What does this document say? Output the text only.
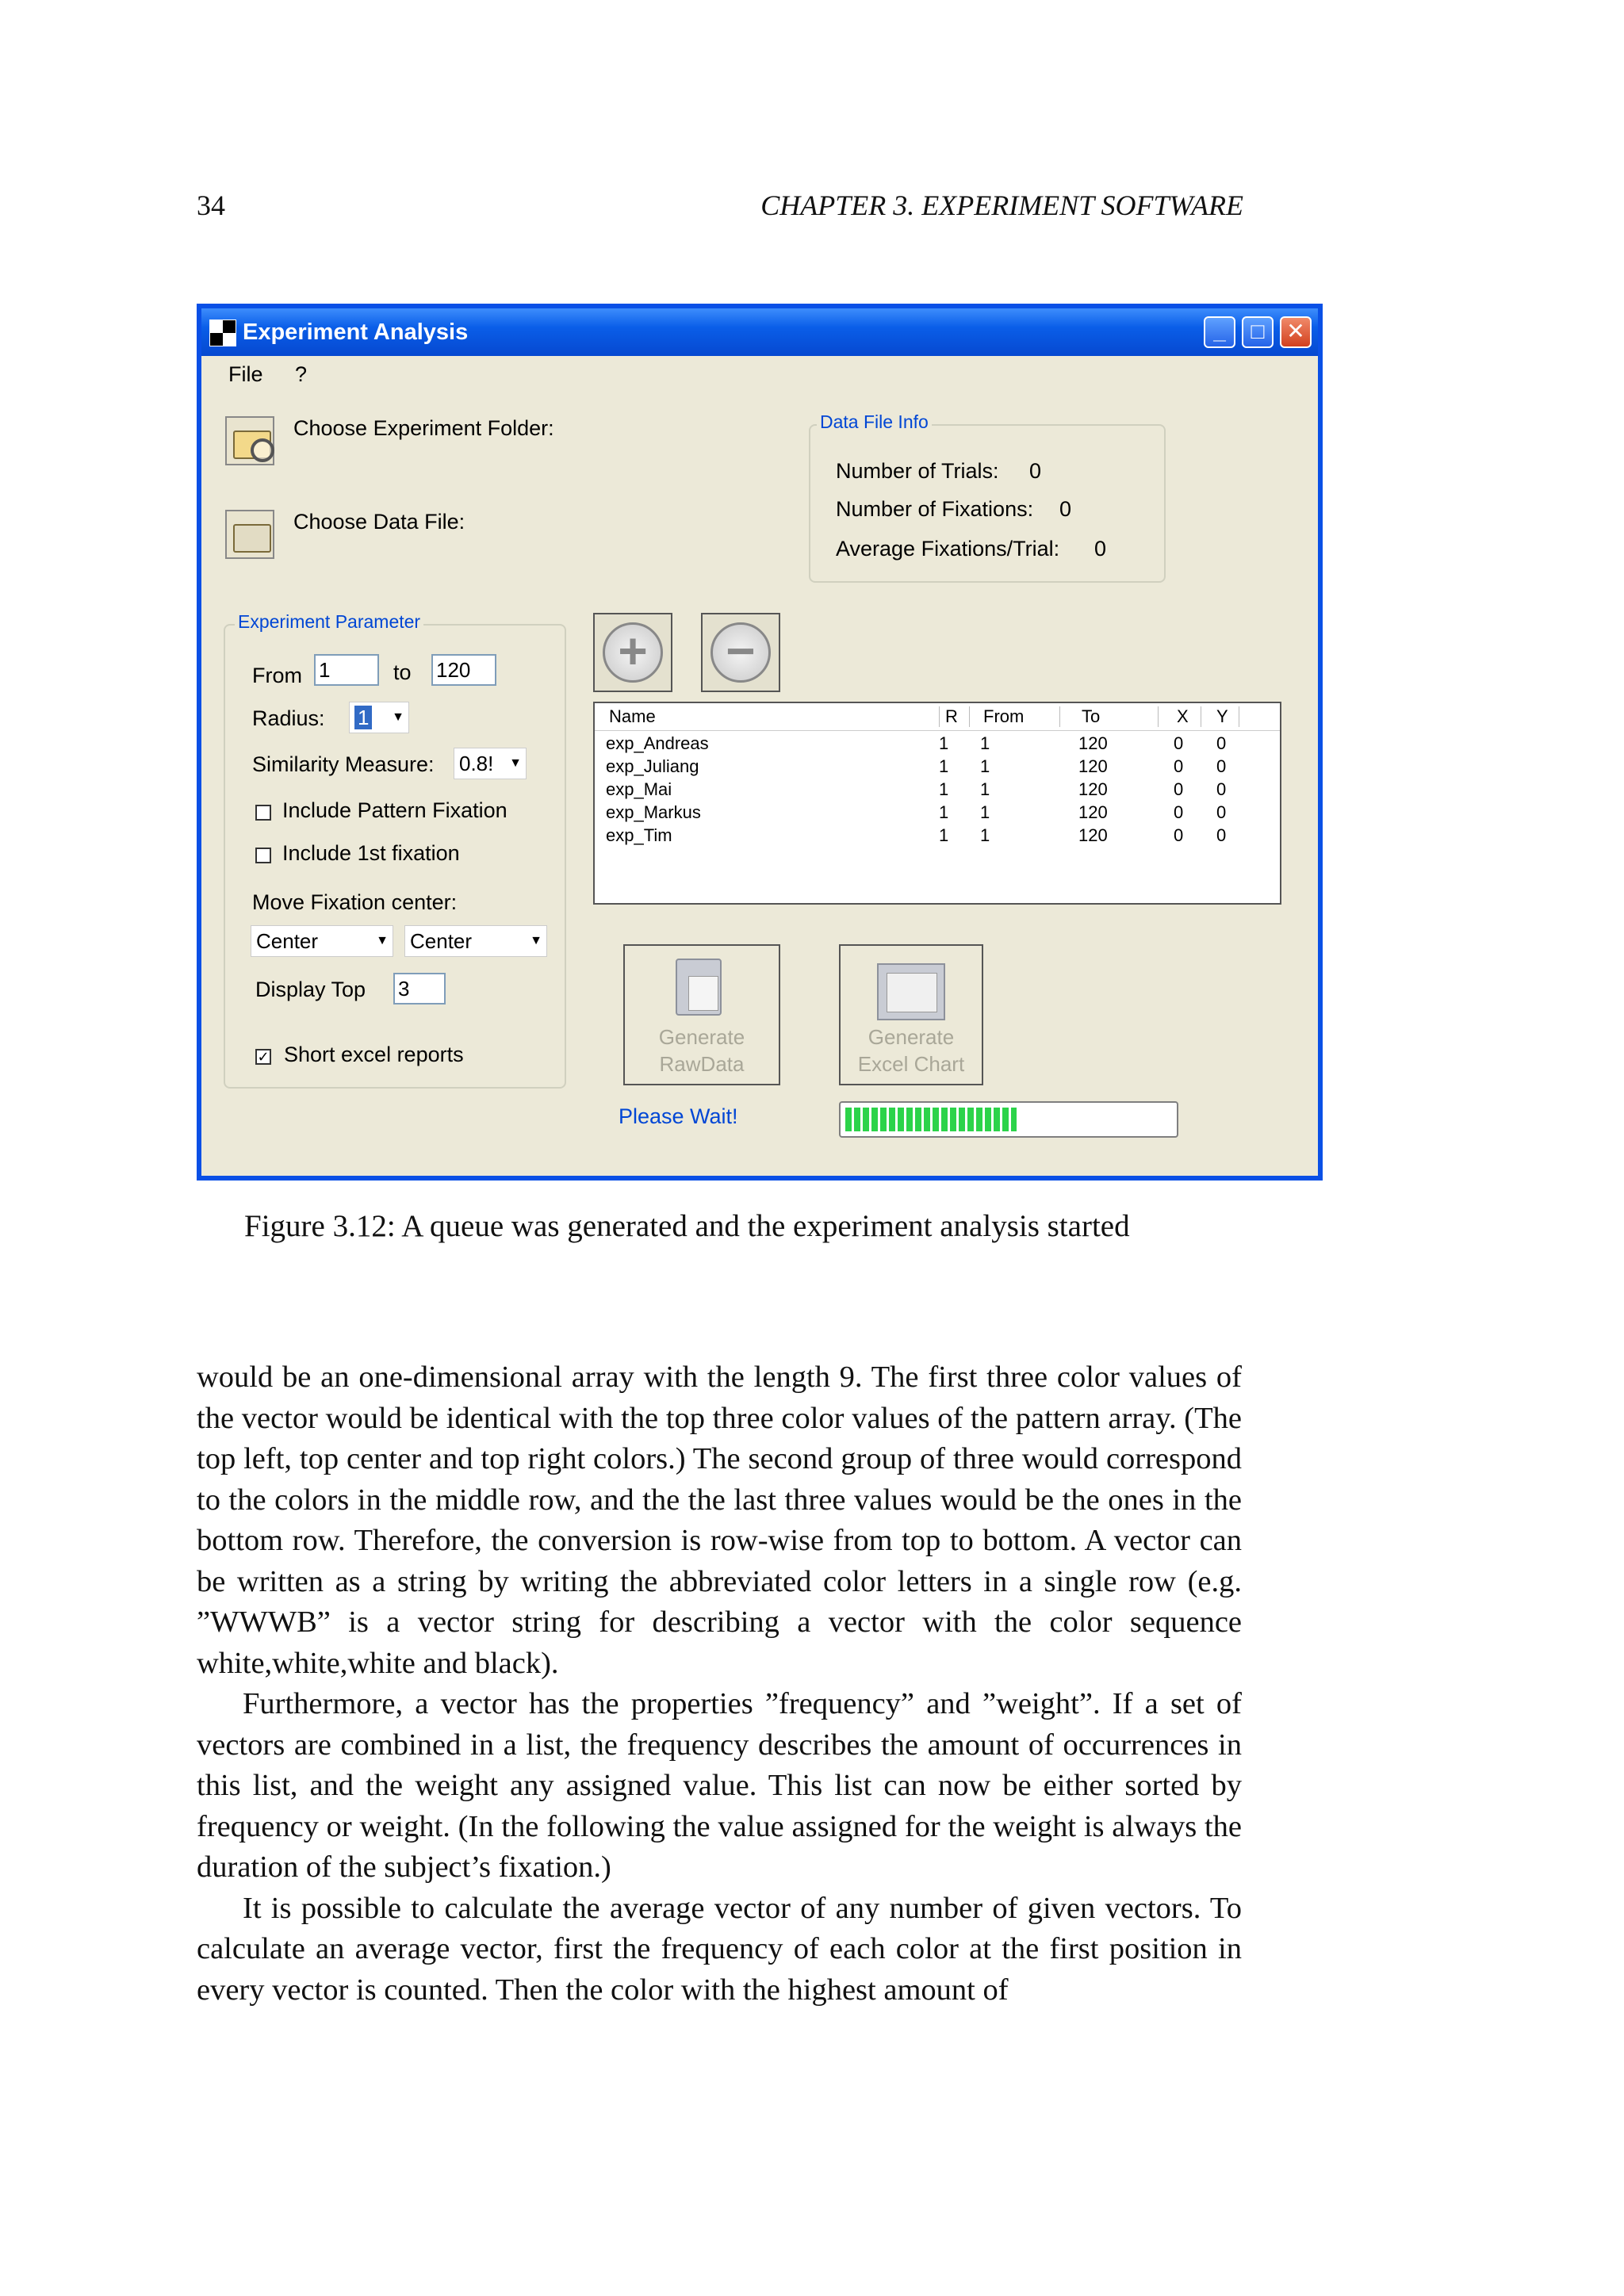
34	CHAPTER 3. EXPERIMENT SOFTWARE
Experiment Analysis	_	□ ✕
File ?
Choose Experiment Folder:
Choose Data File:
Data File Info
Number of Trials: 0
Number of Fixations: 0
Average Fixations/Trial: 0
Experiment Parameter
From 1	to 120
Radius:	1	▼
Similarity Measure: 0.8!	▼
Include Pattern Fixation
Include 1st fixation
Move Fixation center:
Center	▼ Center	▼
Display Top 3
✓ Short excel reports
+	−
Name	R From	To	X Y
exp_Andreas	1 1	120	0 0
exp_Juliang	1 1	120	0 0
exp_Mai	1 1	120	0 0
exp_Markus	1 1	120	0 0
exp_Tim	1 1	120	0 0
Generate
RawData
Generate
Excel Chart
Please Wait!
Figure 3.12: A queue was generated and the experiment analysis started

would be an one-dimensional array with the length 9. The first three color values of the vector would be identical with the top three color values of the pattern array. (The top left, top center and top right colors.) The second group of three would correspond to the colors in the middle row, and the the last three values would be the ones in the bottom row. Therefore, the conversion is row-wise from top to bottom. A vector can be written as a string by writing the abbreviated color letters in a single row (e.g. ”WWWB” is a vector string for describing a vector with the color sequence white,white,white and black).

Furthermore, a vector has the properties ”frequency” and ”weight”. If a set of vectors are combined in a list, the frequency describes the amount of occurrences in this list, and the weight any assigned value. This list can now be either sorted by frequency or weight. (In the following the value assigned for the weight is always the duration of the subject’s fixation.)

It is possible to calculate the average vector of any number of given vectors. To calculate an average vector, first the frequency of each color at the first position in every vector is counted. Then the color with the highest amount of
